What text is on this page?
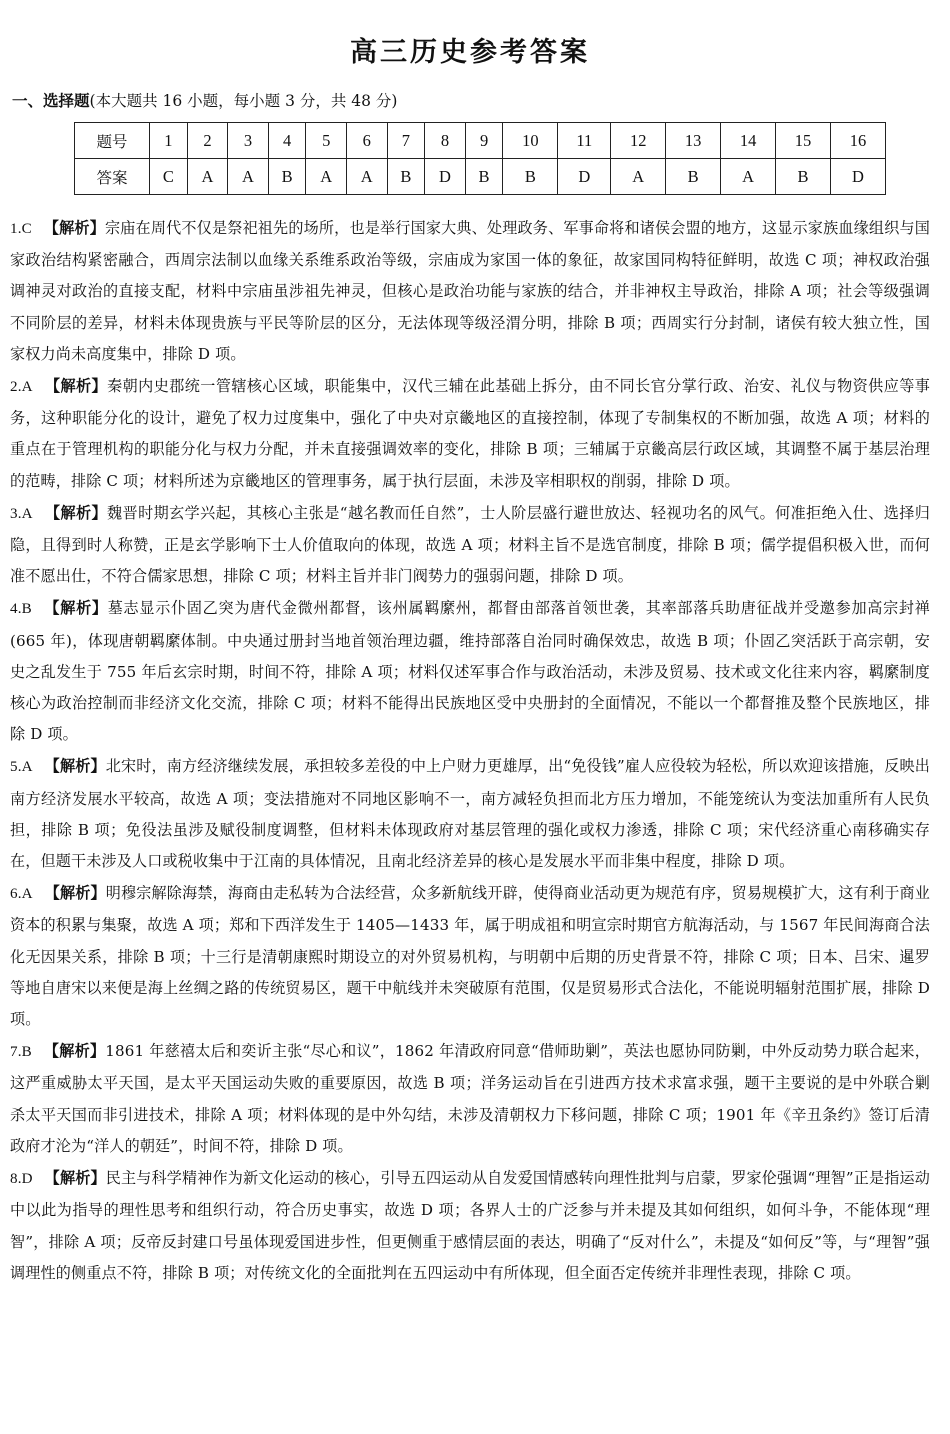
高三历史参考答案
一、选择题(本大题共 16 小题，每小题 3 分，共 48 分)
题号	1	2	3	4	5	6	7	8	9	10	11	12	13	14	15	16
答案	C	A	A	B	A	A	B	D	B	B	D	A	B	A	B	D

1.C 【解析】宗庙在周代不仅是祭祀祖先的场所，也是举行国家大典、处理政务、军事命将和诸侯会盟的地方，这显示家族血缘组织与国家政治结构紧密融合，西周宗法制以血缘关系维系政治等级，宗庙成为家国一体的象征，故家国同构特征鲜明，故选 C 项；神权政治强调神灵对政治的直接支配，材料中宗庙虽涉祖先神灵，但核心是政治功能与家族的结合，并非神权主导政治，排除 A 项；社会等级强调不同阶层的差异，材料未体现贵族与平民等阶层的区分，无法体现等级泾渭分明，排除 B 项；西周实行分封制，诸侯有较大独立性，国家权力尚未高度集中，排除 D 项。

2.A 【解析】秦朝内史郡统一管辖核心区域，职能集中，汉代三辅在此基础上拆分，由不同长官分掌行政、治安、礼仪与物资供应等事务，这种职能分化的设计，避免了权力过度集中，强化了中央对京畿地区的直接控制，体现了专制集权的不断加强，故选 A 项；材料的重点在于管理机构的职能分化与权力分配，并未直接强调效率的变化，排除 B 项；三辅属于京畿高层行政区域，其调整不属于基层治理的范畴，排除 C 项；材料所述为京畿地区的管理事务，属于执行层面，未涉及宰相职权的削弱，排除 D 项。

3.A 【解析】魏晋时期玄学兴起，其核心主张是“越名教而任自然”，士人阶层盛行避世放达、轻视功名的风气。何准拒绝入仕、选择归隐，且得到时人称赞，正是玄学影响下士人价值取向的体现，故选 A 项；材料主旨不是选官制度，排除 B 项；儒学提倡积极入世，而何准不愿出仕，不符合儒家思想，排除 C 项；材料主旨并非门阀势力的强弱问题，排除 D 项。

4.B 【解析】墓志显示仆固乙突为唐代金微州都督，该州属羁縻州，都督由部落首领世袭，其率部落兵助唐征战并受邀参加高宗封禅(665 年)，体现唐朝羁縻体制。中央通过册封当地首领治理边疆，维持部落自治同时确保效忠，故选 B 项；仆固乙突活跃于高宗朝，安史之乱发生于 755 年后玄宗时期，时间不符，排除 A 项；材料仅述军事合作与政治活动，未涉及贸易、技术或文化往来内容，羁縻制度核心为政治控制而非经济文化交流，排除 C 项；材料不能得出民族地区受中央册封的全面情况，不能以一个都督推及整个民族地区，排除 D 项。

5.A 【解析】北宋时，南方经济继续发展，承担较多差役的中上户财力更雄厚，出“免役钱”雇人应役较为轻松，所以欢迎该措施，反映出南方经济发展水平较高，故选 A 项；变法措施对不同地区影响不一，南方减轻负担而北方压力增加，不能笼统认为变法加重所有人民负担，排除 B 项；免役法虽涉及赋役制度调整，但材料未体现政府对基层管理的强化或权力渗透，排除 C 项；宋代经济重心南移确实存在，但题干未涉及人口或税收集中于江南的具体情况，且南北经济差异的核心是发展水平而非集中程度，排除 D 项。

6.A 【解析】明穆宗解除海禁，海商由走私转为合法经营，众多新航线开辟，使得商业活动更为规范有序，贸易规模扩大，这有利于商业资本的积累与集聚，故选 A 项；郑和下西洋发生于 1405—1433 年，属于明成祖和明宣宗时期官方航海活动，与 1567 年民间海商合法化无因果关系，排除 B 项；十三行是清朝康熙时期设立的对外贸易机构，与明朝中后期的历史背景不符，排除 C 项；日本、吕宋、暹罗等地自唐宋以来便是海上丝绸之路的传统贸易区，题干中航线并未突破原有范围，仅是贸易形式合法化，不能说明辐射范围扩展，排除 D 项。

7.B 【解析】1861 年慈禧太后和奕䜣主张“尽心和议”，1862 年清政府同意“借师助剿”，英法也愿协同防剿，中外反动势力联合起来，这严重威胁太平天国，是太平天国运动失败的重要原因，故选 B 项；洋务运动旨在引进西方技术求富求强，题干主要说的是中外联合剿杀太平天国而非引进技术，排除 A 项；材料体现的是中外勾结，未涉及清朝权力下移问题，排除 C 项；1901 年《辛丑条约》签订后清政府才沦为“洋人的朝廷”，时间不符，排除 D 项。

8.D 【解析】民主与科学精神作为新文化运动的核心，引导五四运动从自发爱国情感转向理性批判与启蒙，罗家伦强调“理智”正是指运动中以此为指导的理性思考和组织行动，符合历史事实，故选 D 项；各界人士的广泛参与并未提及其如何组织，如何斗争，不能体现“理智”，排除 A 项；反帝反封建口号虽体现爱国进步性，但更侧重于感情层面的表达，明确了“反对什么”，未提及“如何反”等，与“理智”强调理性的侧重点不符，排除 B 项；对传统文化的全面批判在五四运动中有所体现，但全面否定传统并非理性表现，排除 C 项。
